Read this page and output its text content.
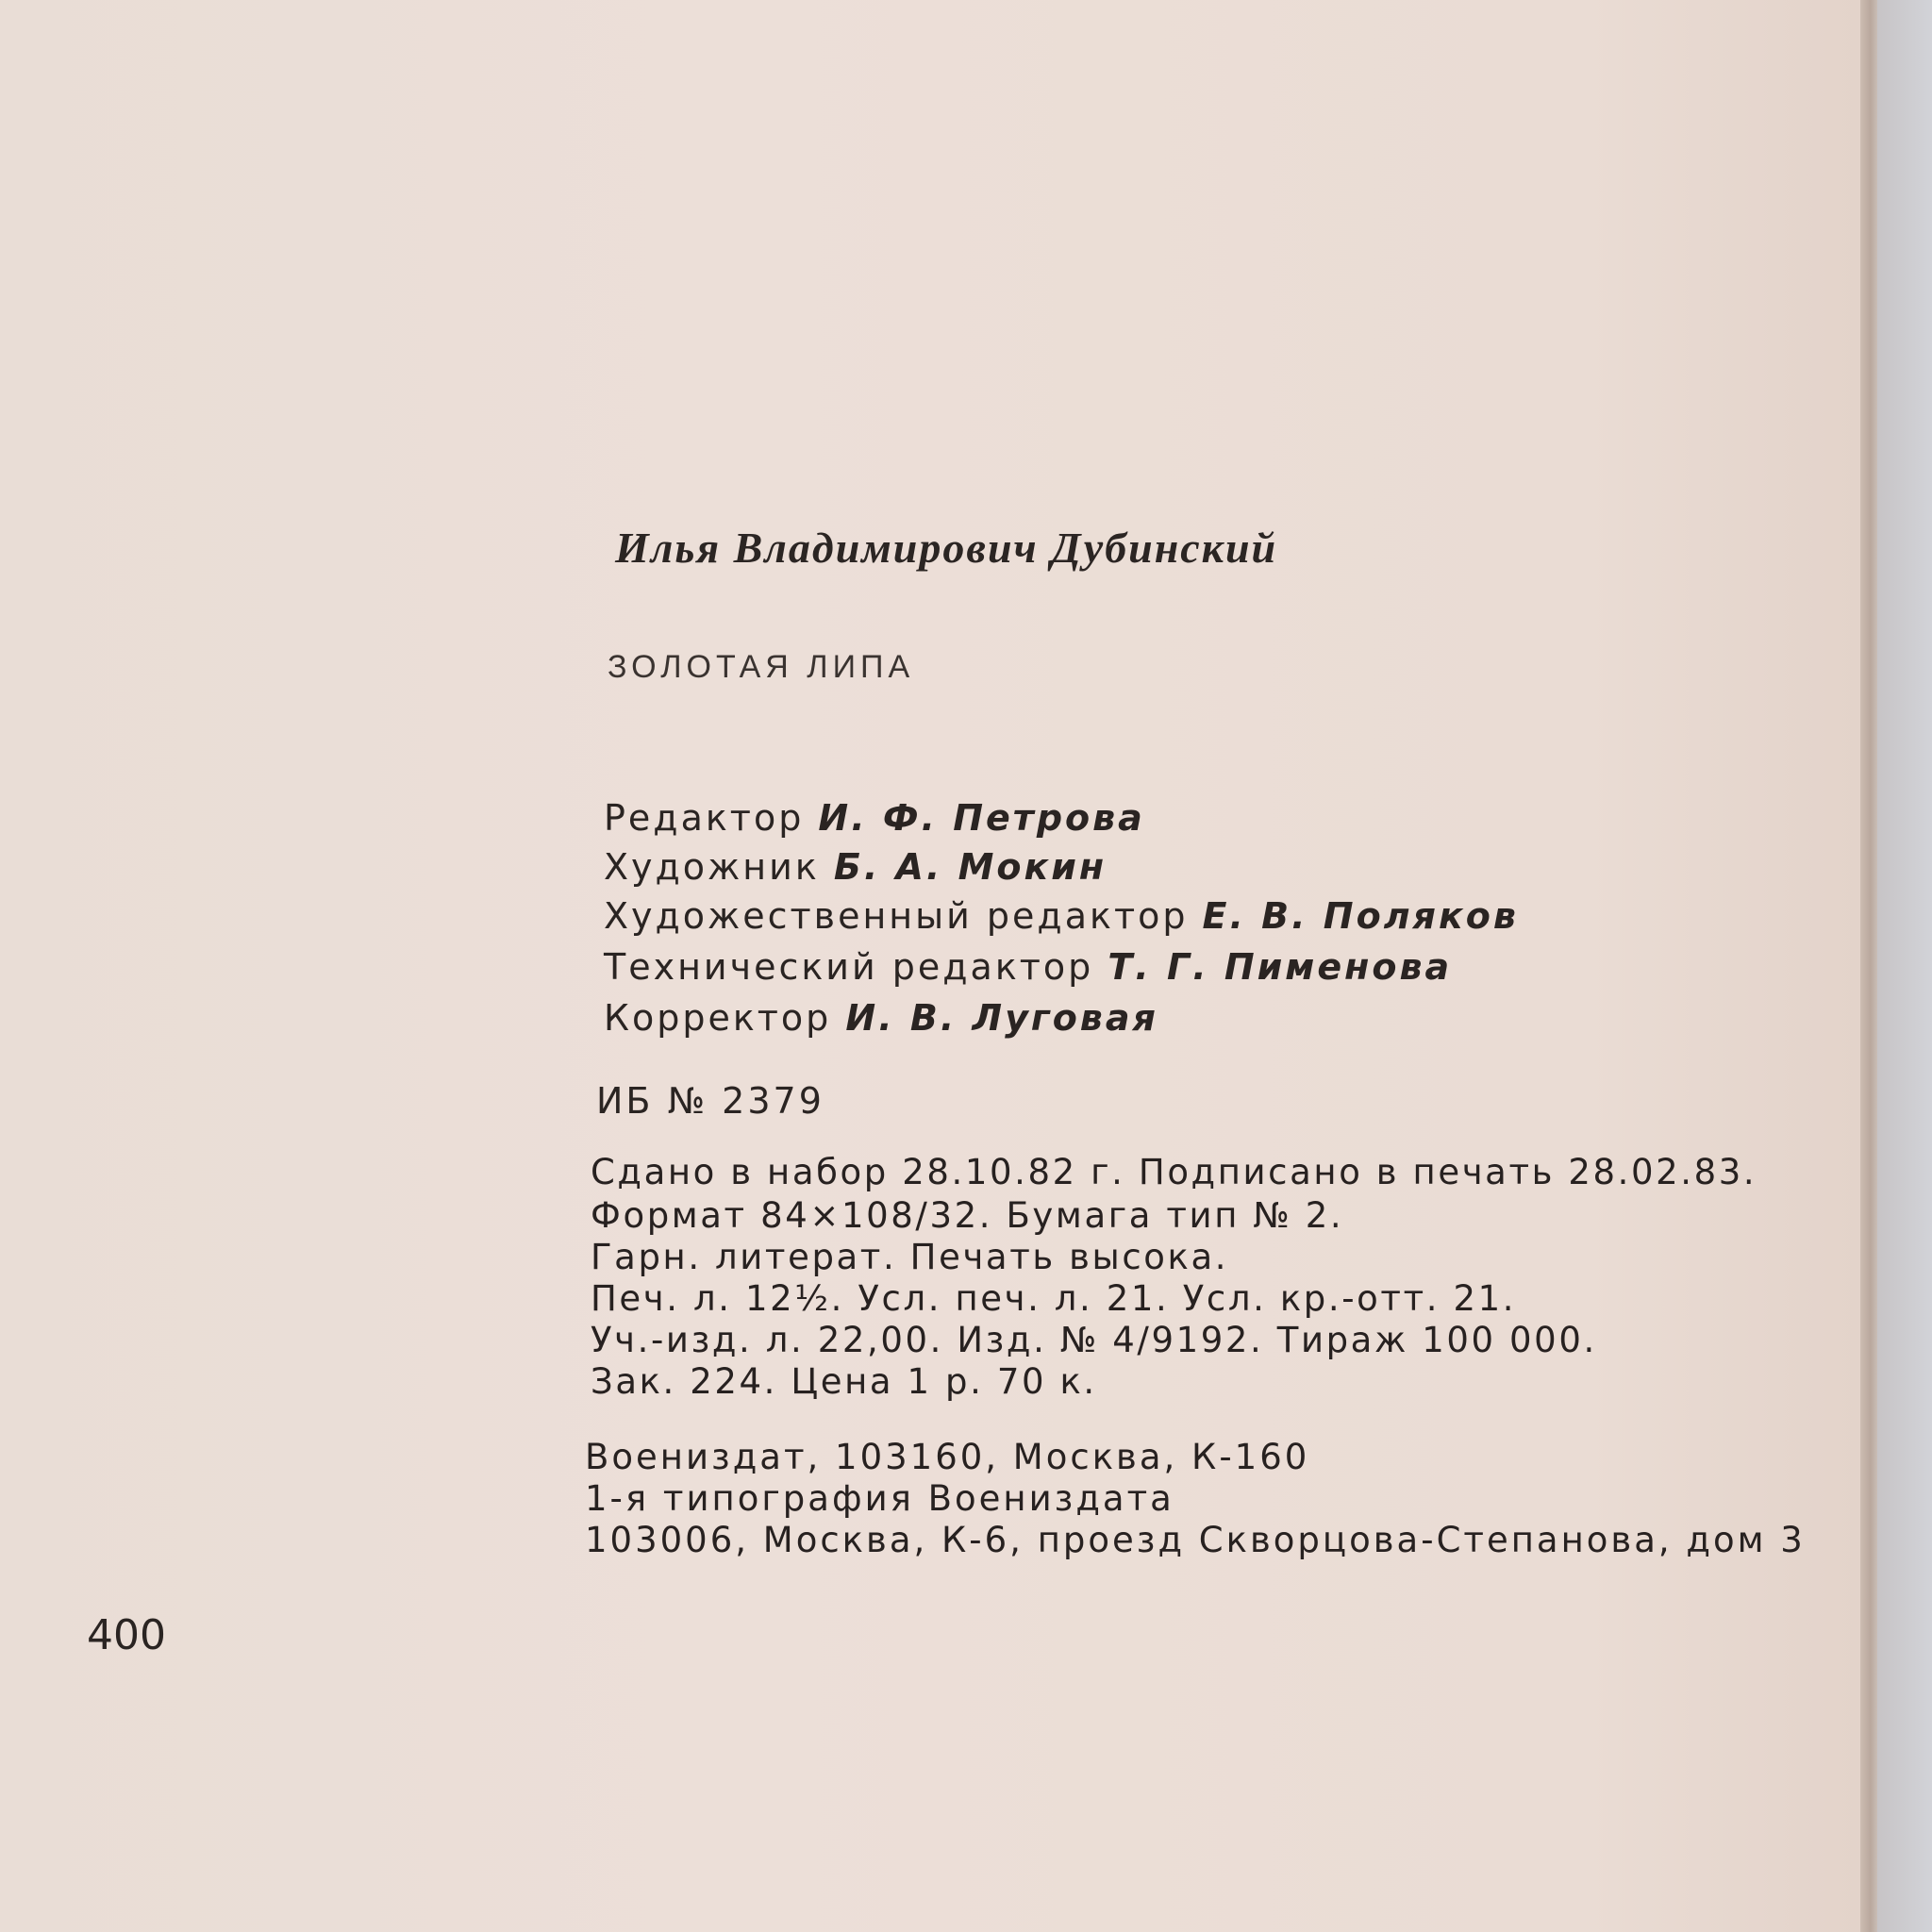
Илья Владимирович Дубинский

ЗОЛОТАЯ ЛИПА

Редактор И. Ф. Петрова

Художник Б. А. Мокин

Художественный редактор Е. В. Поляков

Технический редактор Т. Г. Пименова

Корректор И. В. Луговая

ИБ № 2379

Сдано в набор 28.10.82 г. Подписано в печать 28.02.83.

Формат 84×108/32. Бумага тип № 2.

Гарн. литерат. Печать высока.

Печ. л. 12½. Усл. печ. л. 21. Усл. кр.-отт. 21.

Уч.-изд. л. 22,00. Изд. № 4/9192. Тираж 100 000.

Зак. 224. Цена 1 р. 70 к.

Воениздат, 103160, Москва, К-160

1-я типография Воениздата

103006, Москва, К-6, проезд Скворцова-Степанова, дом 3

400
